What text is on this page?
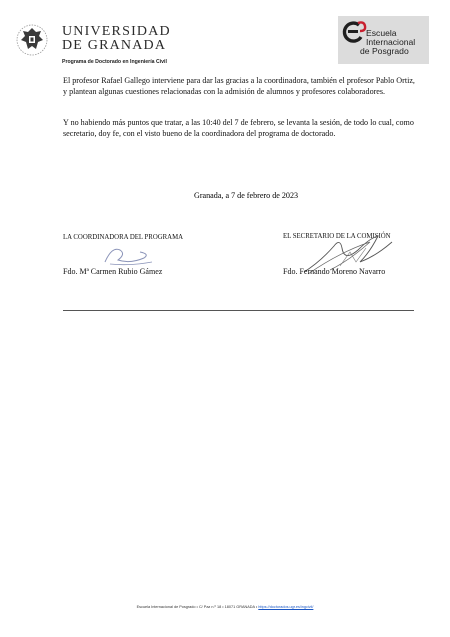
UNIVERSIDAD
DE GRANADA
Programa de Doctorado en Ingeniería Civil
Escuela
Internacional
de Posgrado
El profesor Rafael Gallego interviene para dar las gracias a la coordinadora, también el profesor Pablo Ortiz, y plantean algunas cuestiones relacionadas con la admisión de alumnos y profesores colaboradores.
Y no habiendo más puntos que tratar, a las 10:40 del 7 de febrero, se levanta la sesión, de todo lo cual, como secretario, doy fe, con el visto bueno de la coordinadora del programa de doctorado.
Granada, a 7 de febrero de 2023
LA COORDINADORA DEL PROGRAMA
Fdo. Mª Carmen Rubio Gámez
EL SECRETARIO DE LA COMISIÓN
Fdo. Fernando Moreno Navarro
Escuela Internacional de Posgrado • C/ Paz n.º 18 • 18071 GRANADA • https://doctorados.ugr.es/ingcivil/
